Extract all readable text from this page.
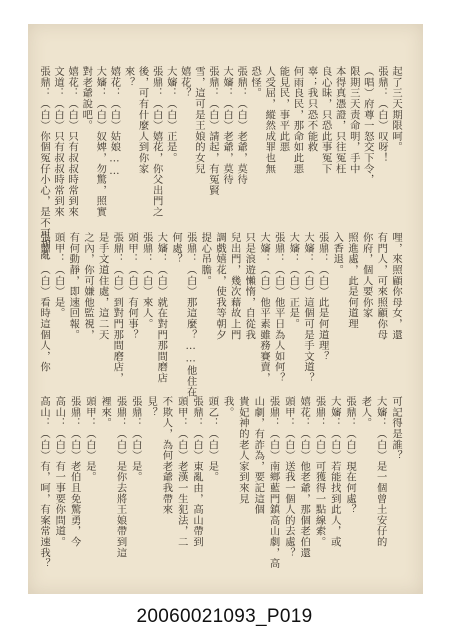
起了三天期限呵。
張鼎：（白）叹呀！
（唱）府尊一怒交下令，
限期三天责命明，手中
本得真憑證，只往冤枉
良心昧，只恐此事冤下
辜；我只恐不能救
何雨良民，那命如此悪
能見民，事平此悪
人受屈，縱然成罪也無
恐怪。
張鼎：（白）老爺，莫待
大嬸：（白）老爺，莫待
張鼎：（白）請起，有冤賢
雪，這可是王娘的女兒
嬉花？
大嬸：（白）正是。
張鼎：（白）嬉花，你父出門之
後，可有什麼人到你家
來？
嬉花：（白）姑娘……
大嬸：（白）奴婢，勿驚，照實
對老爺說吧。
嬉花：（白）只有叔叔時常到來
文道：（白）只有叔叔時常到來
張鼎：（白）你個冤仔小心，是不可胡亂
哩，來照顧你母女，還
有門人，可來照顧你母
你府，個人要你家
照進處，此是何道理
入香退。
張鼎：（白）此是何道理？
大嬸：（白）這個可是手文道？
大嬸：（白）正是。
張鼎：（白）他平日為人如何？
大嬸：（白）他平素雖務賽賣，
只是浪遊懶惰，自從我
兒出門，幾次藉故上門
調戲嬉花，使我等朝夕
提心吊膽。
張鼎：（白）那這麼？……他住在
何處？
大嬸：（白）就在對門那間磨店
張鼎：（白）來人。
頭甲：（白）有何事？
張鼎：（白）到對門那間磨店，
是手文道住處，這二天
之內，你可嫌他監視，
有何動靜，即速回報。
頭甲：（白）是。
張鼎：（白）看時這個人，你
可記得是誰？
大嬸：（白）是一個曾土安仔的
老人。
張鼎：（白）現在何處？
大嬸：（白）若能找到此人，或
張鼎：（白）可獲得一點線索。
嬉花：（白）他老爺，那個老伯還
頭甲：（白）送我一個人的去處？
張鼎：（白）南鄉藍門鎮高山劇，高
山劇，有詐為，要記這個
貴妃神的老人家到來見
我。
頭乙：（白）是。
張鼎：（白）東亂由，高山帶到
頭甲：（白）老漢一生犯法，二
不欺人，為何老爺我帶來
見？
張鼎：（白）是。
張鼎：（白）是你去將王娘帶到這
裡來。
頭甲：（白）是。
張鼎：（白）老伯且免驚勇，今
高山：（白）有一事要你問道。
高山：（白）有，呵，有案常速我？
20060021093_P019
